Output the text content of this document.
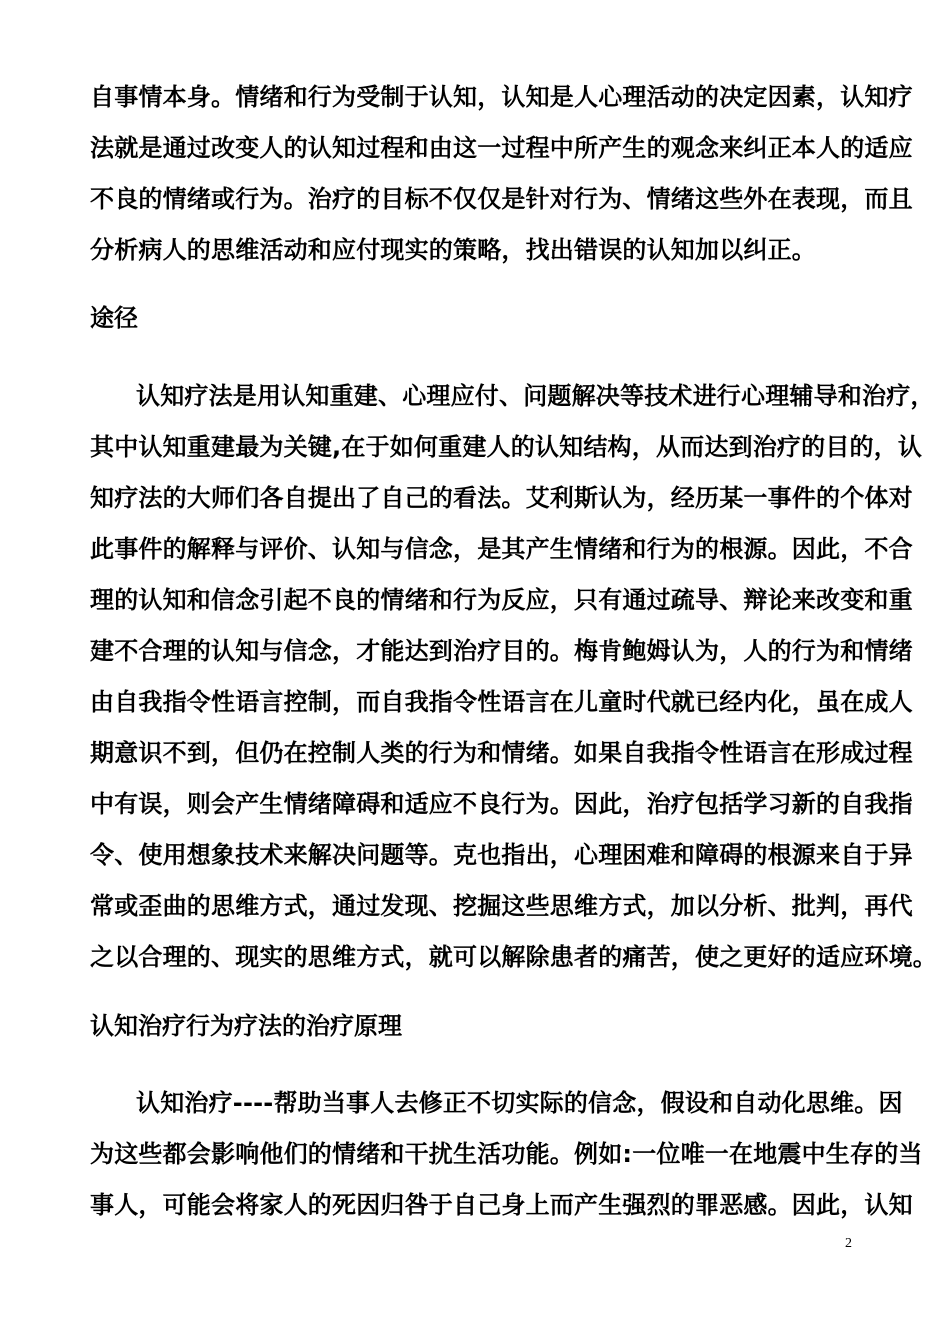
自事情本身。情绪和行为受制于认知，认知是人心理活动的决定因素，认知疗
法就是通过改变人的认知过程和由这一过程中所产生的观念来纠正本人的适应
不良的情绪或行为。治疗的目标不仅仅是针对行为、情绪这些外在表现，而且
分析病人的思维活动和应付现实的策略，找出错误的认知加以纠正。
途径
认知疗法是用认知重建、心理应付、问题解决等技术进行心理辅导和治疗，
其中认知重建最为关键,在于如何重建人的认知结构，从而达到治疗的目的，认
知疗法的大师们各自提出了自己的看法。艾利斯认为，经历某一事件的个体对
此事件的解释与评价、认知与信念，是其产生情绪和行为的根源。因此，不合
理的认知和信念引起不良的情绪和行为反应，只有通过疏导、辩论来改变和重
建不合理的认知与信念，才能达到治疗目的。梅肯鲍姆认为，人的行为和情绪
由自我指令性语言控制，而自我指令性语言在儿童时代就已经内化，虽在成人
期意识不到，但仍在控制人类的行为和情绪。如果自我指令性语言在形成过程
中有误，则会产生情绪障碍和适应不良行为。因此，治疗包括学习新的自我指
令、使用想象技术来解决问题等。克也指出，心理困难和障碍的根源来自于异
常或歪曲的思维方式，通过发现、挖掘这些思维方式，加以分析、批判，再代
之以合理的、现实的思维方式，就可以解除患者的痛苦，使之更好的适应环境。
认知治疗行为疗法的治疗原理
认知治疗----帮助当事人去修正不切实际的信念，假设和自动化思维。因
为这些都会影响他们的情绪和干扰生活功能。例如:一位唯一在地震中生存的当
事人，可能会将家人的死因归咎于自己身上而产生强烈的罪恶感。因此，认知
2
